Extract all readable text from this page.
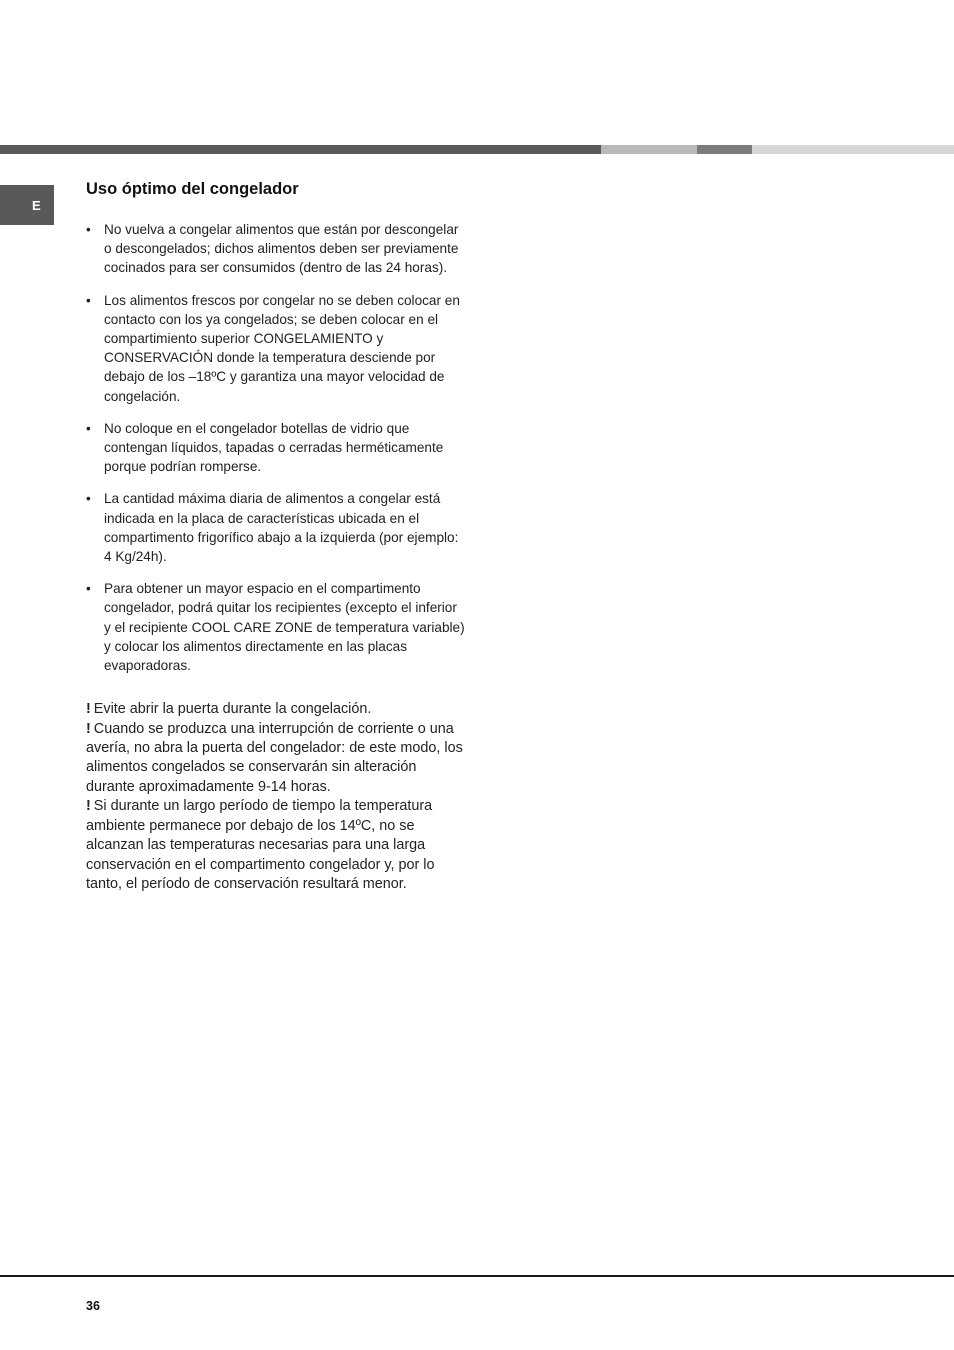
E
Uso óptimo del congelador
• No vuelva a congelar alimentos que están por descongelar o descongelados; dichos alimentos deben ser previamente cocinados para ser consumidos (dentro de las 24 horas).
• Los alimentos frescos por congelar no se deben colocar en contacto con los ya congelados; se deben colocar en el compartimiento superior CONGELAMIENTO y CONSERVACIÓN donde la temperatura desciende por debajo de los –18ºC y garantiza una mayor velocidad de congelación.
• No coloque en el congelador botellas de vidrio que contengan líquidos, tapadas o cerradas herméticamente porque podrían romperse.
• La cantidad máxima diaria de alimentos a congelar está indicada en la placa de características ubicada en el compartimento frigorífico abajo a la izquierda (por ejemplo: 4 Kg/24h).
• Para obtener un mayor espacio en el compartimento congelador, podrá quitar los recipientes (excepto el inferior y el recipiente COOL CARE ZONE de temperatura variable) y colocar los alimentos directamente en las placas evaporadoras.

! Evite abrir la puerta durante la congelación.

! Cuando se produzca una interrupción de corriente o una avería, no abra la puerta del congelador: de este modo, los alimentos congelados se conservarán sin alteración durante aproximadamente 9-14 horas.

! Si durante un largo período de tiempo la temperatura ambiente permanece por debajo de los 14ºC, no se alcanzan las temperaturas necesarias para una larga conservación en el compartimento congelador y, por lo tanto, el período de conservación resultará menor.

36
